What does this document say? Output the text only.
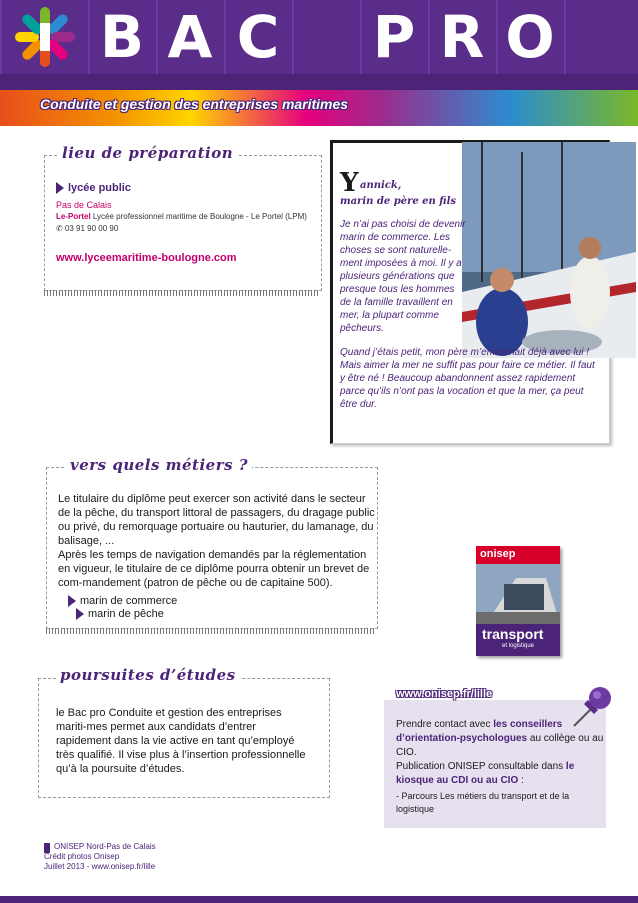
B A C P R O
Conduite et gestion des entreprises maritimes
lieu de préparation
lycée public
Pas de Calais
Le-Portel Lycée professionnel maritime de Boulogne - Le Portel (LPM)
✆ 03 91 90 00 90
www.lyceemaritime-boulogne.com
Y annick,
marin de père en fils
Je n’ai pas choisi de devenir marin de commerce. Les choses se sont naturelle-ment imposées à moi. Il y a plusieurs générations que presque tous les hommes de la famille travaillent en mer, la plupart comme pêcheurs.
Quand j’étais petit, mon père m’emmenait déjà avec lui ! Mais aimer la mer ne suffit pas pour faire ce métier. Il faut y être né ! Beaucoup abandonnent assez rapidement parce qu’ils n’ont pas la vocation et que la mer, ça peut être dur.
vers quels métiers ?
Le titulaire du diplôme peut exercer son activité dans le secteur de la pêche, du transport littoral de passagers, du dragage public ou privé, du remorquage portuaire ou hauturier, du lamanage, du balisage, ...
Après les temps de navigation demandés par la réglementation en vigueur, le titulaire de ce diplôme pourra obtenir un brevet de com-mandement (patron de pêche ou de capitaine 500).
marin de commerce
marin de pêche
onisep
transport
et logistique
poursuites d’études
le Bac pro Conduite et gestion des entreprises mariti-mes permet aux candidats d’entrer rapidement dans la vie active en tant qu’employé très qualifié. Il vise plus à l’insertion professionnelle qu’à la poursuite d’études.
www.onisep.fr/lille
Prendre contact avec les conseillers d’orientation-psychologues au collège ou au CIO.
Publication ONISEP consultable dans le kiosque au CDI ou au CIO :
- Parcours Les métiers du transport et de la logistique
ONISEP Nord-Pas de Calais
Crédit photos Onisep
Juillet 2013 - www.onisep.fr/lille
